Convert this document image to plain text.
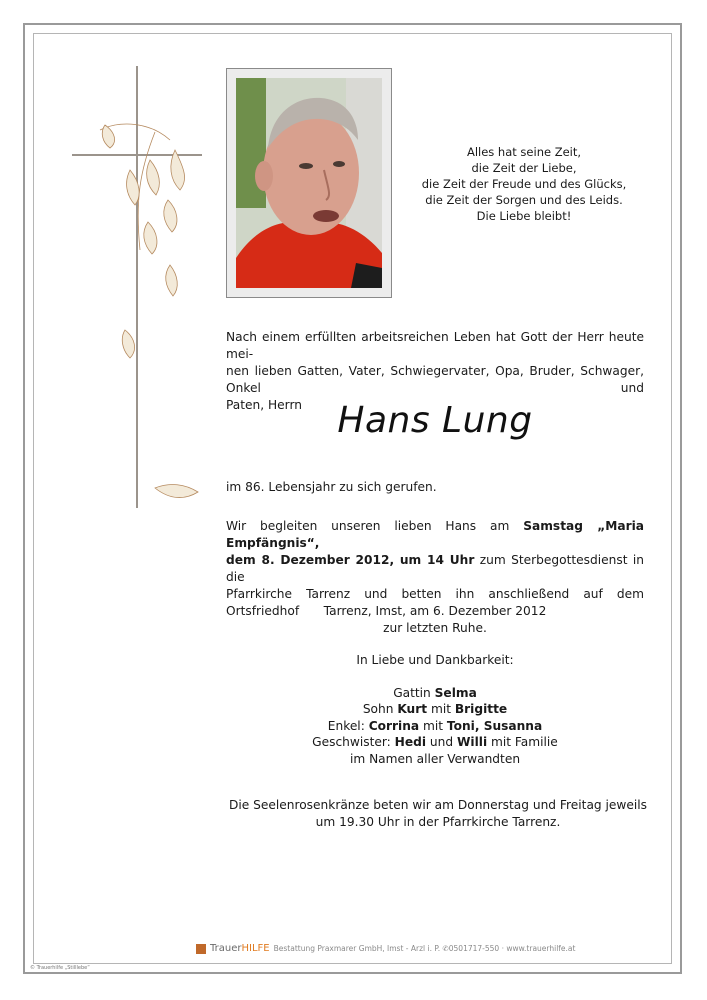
Alles hat seine Zeit,
die Zeit der Liebe,
die Zeit der Freude und des Glücks,
die Zeit der Sorgen und des Leids.
Die Liebe bleibt!
Nach einem erfüllten arbeitsreichen Leben hat Gott der Herr heute mei-
nen lieben Gatten, Vater, Schwiegervater, Opa, Bruder, Schwager, Onkel und
Paten, Herrn Hans Lung
im 86. Lebensjahr zu sich gerufen.
Wir begleiten unseren lieben Hans am Samstag „Maria Empfängnis“,
dem 8. Dezember 2012, um 14 Uhr zum Sterbegottesdienst in die
Pfarrkirche Tarrenz und betten ihn anschließend auf dem Ortsfriedhof
zur letzten Ruhe.
Tarrenz, Imst, am 6. Dezember 2012
In Liebe und Dankbarkeit:
Gattin Selma
Sohn Kurt mit Brigitte
Enkel: Corrina mit Toni, Susanna
Geschwister: Hedi und Willi mit Familie
im Namen aller Verwandten
Die Seelenrosenkränze beten wir am Donnerstag und Freitag jeweils
um 19.30 Uhr in der Pfarrkirche Tarrenz.
TrauerHILFE Bestattung Praxmarer GmbH, Imst - Arzl i. P. ✆0501717-550 · www.trauerhilfe.at
© Trauerhilfe „Stilllebe“
